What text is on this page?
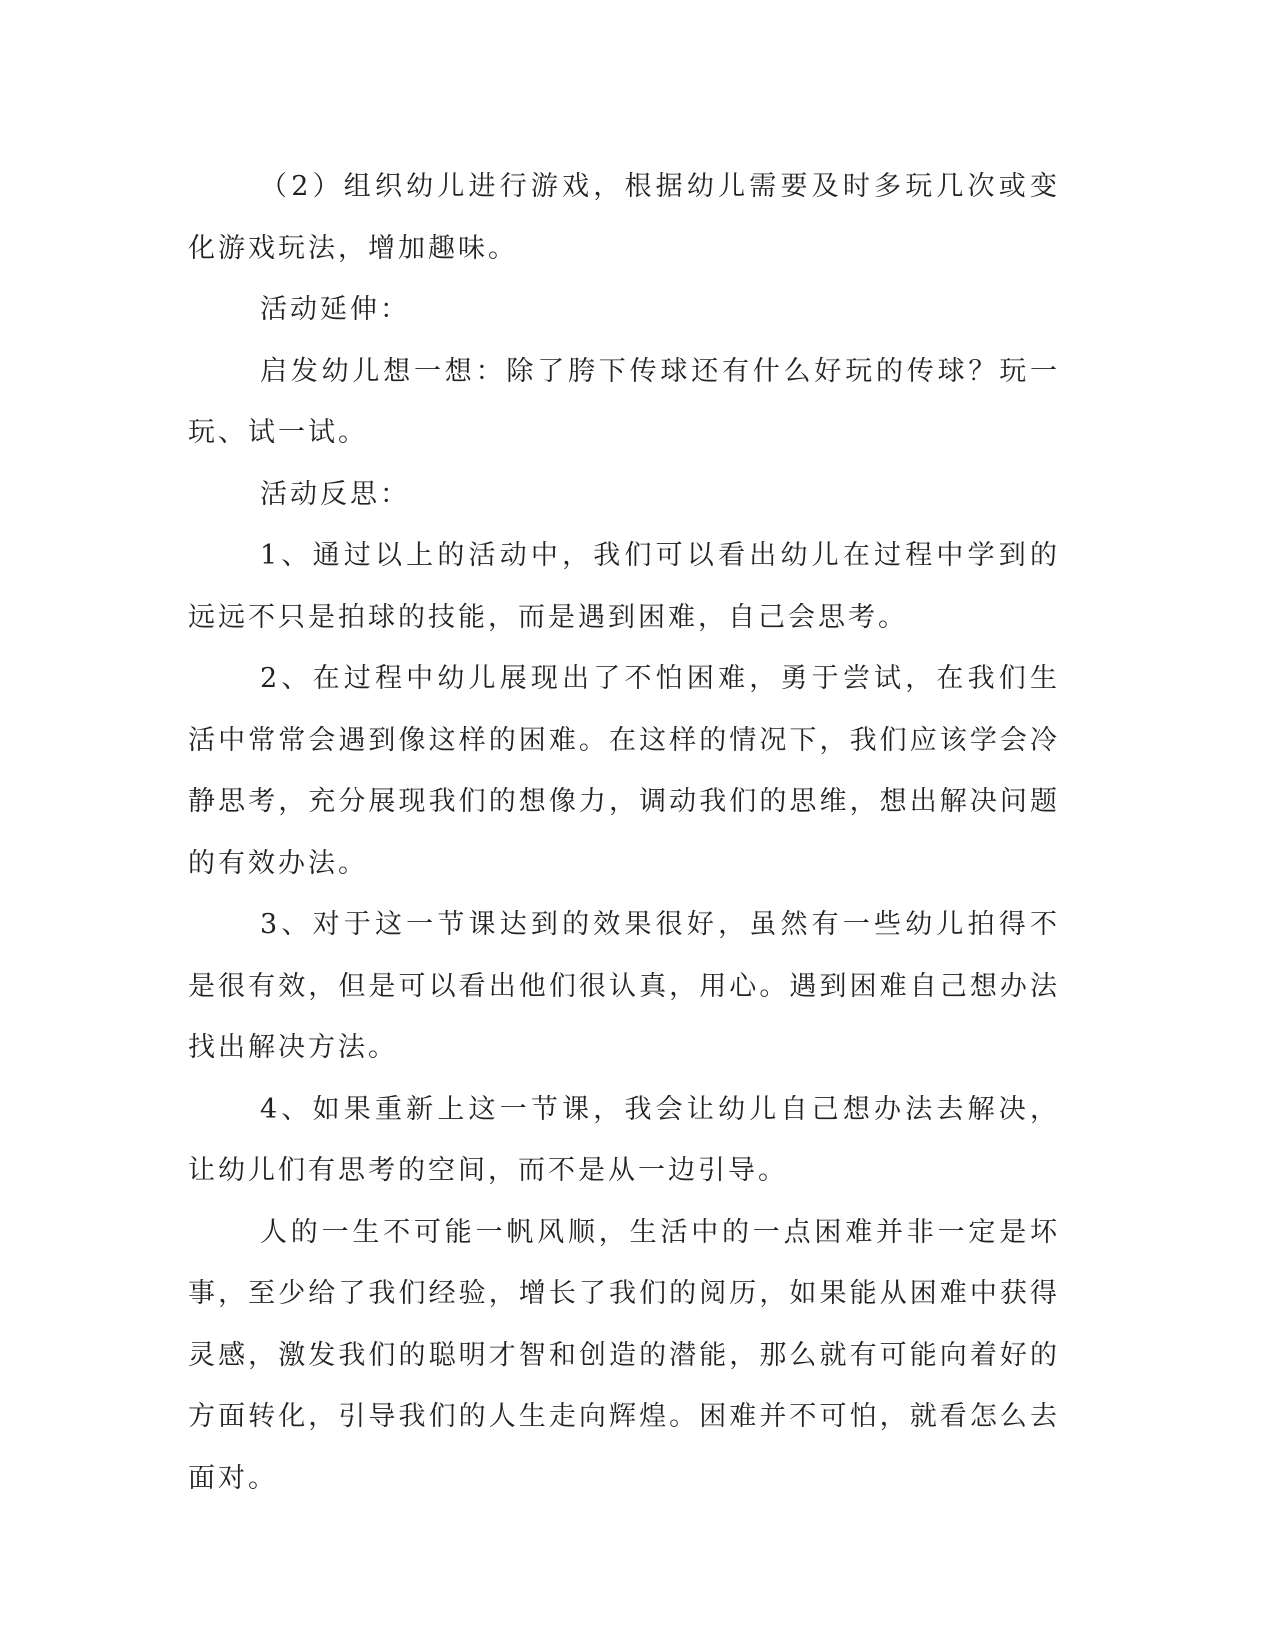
（2）组织幼儿进行游戏，根据幼儿需要及时多玩几次或变化游戏玩法，增加趣味。

活动延伸：

启发幼儿想一想：除了胯下传球还有什么好玩的传球？玩一玩、试一试。

活动反思：

1、通过以上的活动中，我们可以看出幼儿在过程中学到的远远不只是拍球的技能，而是遇到困难，自己会思考。

2、在过程中幼儿展现出了不怕困难，勇于尝试，在我们生活中常常会遇到像这样的困难。在这样的情况下，我们应该学会冷静思考，充分展现我们的想像力，调动我们的思维，想出解决问题的有效办法。

3、对于这一节课达到的效果很好，虽然有一些幼儿拍得不是很有效，但是可以看出他们很认真，用心。遇到困难自己想办法找出解决方法。

4、如果重新上这一节课，我会让幼儿自己想办法去解决，让幼儿们有思考的空间，而不是从一边引导。

人的一生不可能一帆风顺，生活中的一点困难并非一定是坏事，至少给了我们经验，增长了我们的阅历，如果能从困难中获得灵感，激发我们的聪明才智和创造的潜能，那么就有可能向着好的方面转化，引导我们的人生走向辉煌。困难并不可怕，就看怎么去面对。
